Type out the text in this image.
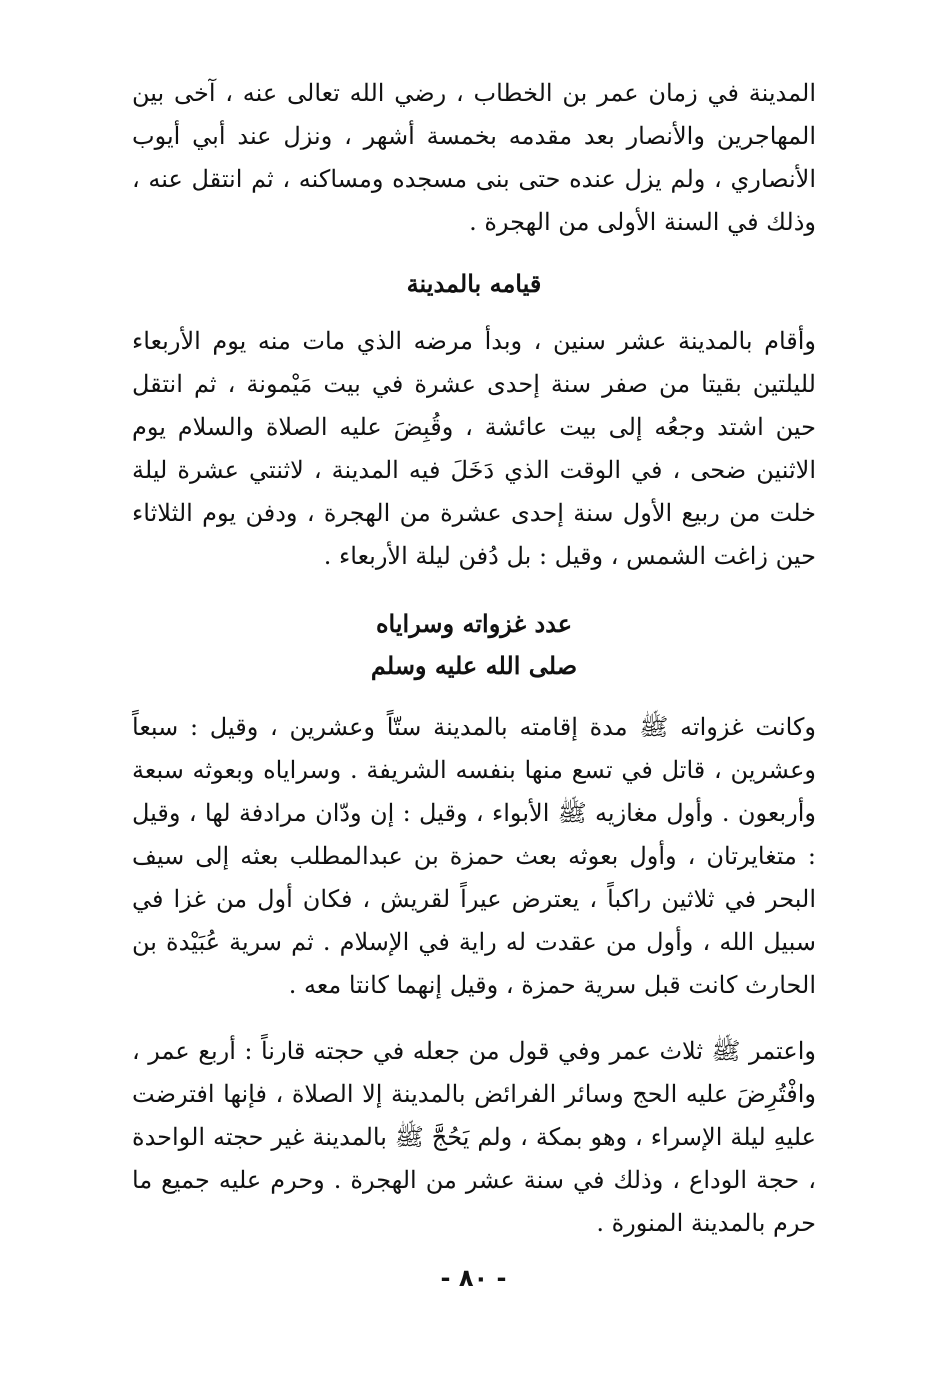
المدينة في زمان عمر بن الخطاب ، رضي الله تعالى عنه ، آخى بين المهاجرين والأنصار بعد مقدمه بخمسة أشهر ، ونزل عند أبي أيوب الأنصاري ، ولم يزل عنده حتى بنى مسجده ومساكنه ، ثم انتقل عنه ، وذلك في السنة الأولى من الهجرة .

قيامه بالمدينة

وأقام بالمدينة عشر سنين ، وبدأ مرضه الذي مات منه يوم الأربعاء لليلتين بقيتا من صفر سنة إحدى عشرة في بيت مَيْمونة ، ثم انتقل حين اشتد وجعُه إلى بيت عائشة ، وقُبِضَ عليه الصلاة والسلام يوم الاثنين ضحى ، في الوقت الذي دَخَلَ فيه المدينة ، لاثنتي عشرة ليلة خلت من ربيع الأول سنة إحدى عشرة من الهجرة ، ودفن يوم الثلاثاء حين زاغت الشمس ، وقيل : بل دُفن ليلة الأربعاء .

عدد غزواته وسراياه
صلى الله عليه وسلم

وكانت غزواته ﷺ مدة إقامته بالمدينة ستّاً وعشرين ، وقيل : سبعاً وعشرين ، قاتل في تسع منها بنفسه الشريفة . وسراياه وبعوثه سبعة وأربعون . وأول مغازيه ﷺ الأبواء ، وقيل : إن ودّان مرادفة لها ، وقيل : متغايرتان ، وأول بعوثه بعث حمزة بن عبدالمطلب بعثه إلى سيف البحر في ثلاثين راكباً ، يعترض عيراً لقريش ، فكان أول من غزا في سبيل الله ، وأول من عقدت له راية في الإسلام . ثم سرية عُبَيْدة بن الحارث كانت قبل سرية حمزة ، وقيل إنهما كانتا معه .

واعتمر ﷺ ثلاث عمر وفي قول من جعله في حجته قارناً : أربع عمر ، وافْتُرِضَ عليه الحج وسائر الفرائض بالمدينة إلا الصلاة ، فإنها افترضت عليهِ ليلة الإسراء ، وهو بمكة ، ولم يَحُجَّ ﷺ بالمدينة غير حجته الواحدة ، حجة الوداع ، وذلك في سنة عشر من الهجرة . وحرم عليه جميع ما حرم بالمدينة المنورة .

- ٨٠ -
